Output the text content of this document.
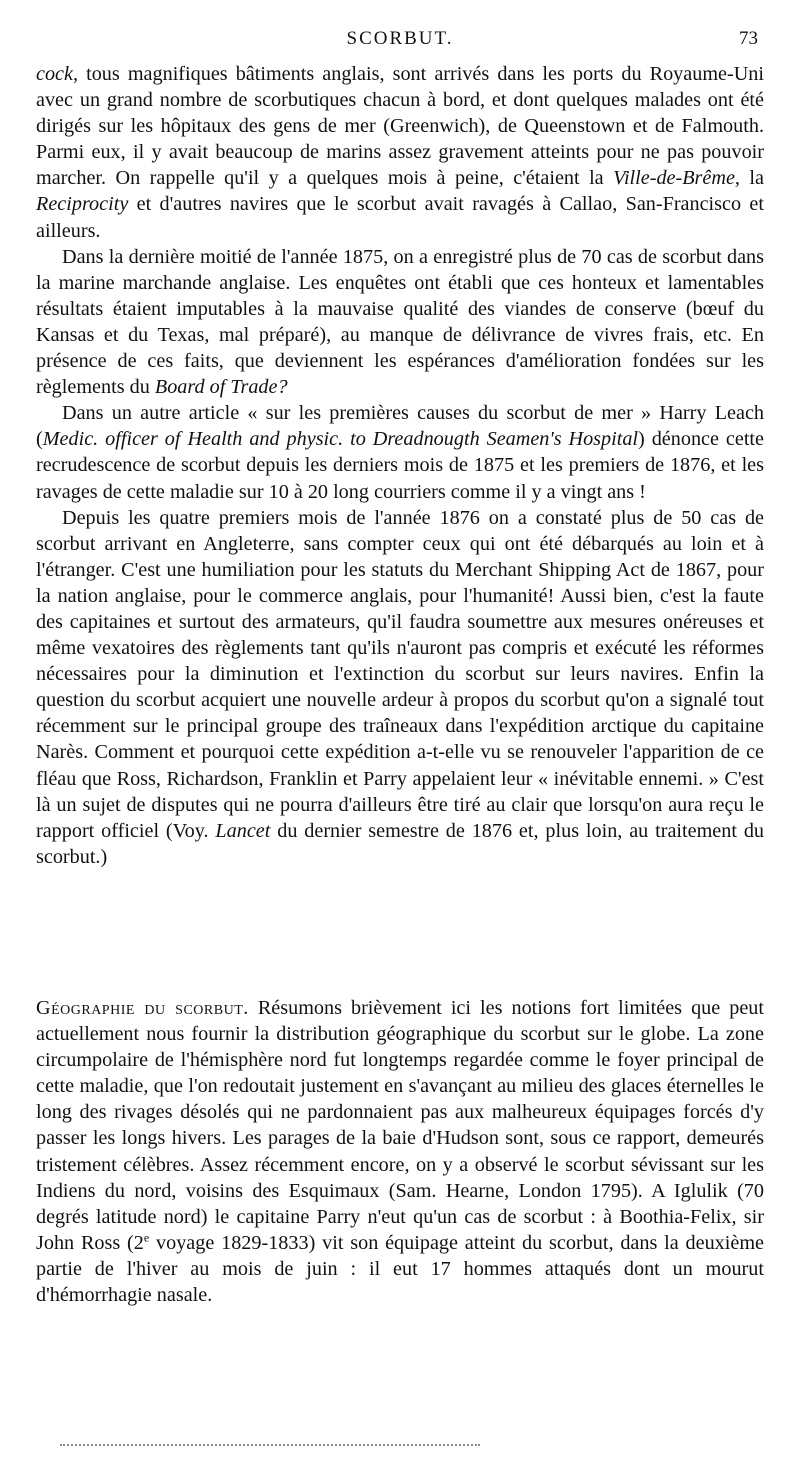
SCORBUT.	73

cock, tous magnifiques bâtiments anglais, sont arrivés dans les ports du Royaume-Uni avec un grand nombre de scorbutiques chacun à bord, et dont quelques malades ont été dirigés sur les hôpitaux des gens de mer (Greenwich), de Queenstown et de Falmouth. Parmi eux, il y avait beaucoup de marins assez gravement atteints pour ne pas pouvoir marcher. On rappelle qu'il y a quelques mois à peine, c'étaient la Ville-de-Brême, la Reciprocity et d'autres navires que le scorbut avait ravagés à Callao, San-Francisco et ailleurs.

Dans la dernière moitié de l'année 1875, on a enregistré plus de 70 cas de scorbut dans la marine marchande anglaise. Les enquêtes ont établi que ces honteux et lamentables résultats étaient imputables à la mauvaise qualité des viandes de conserve (bœuf du Kansas et du Texas, mal préparé), au manque de délivrance de vivres frais, etc. En présence de ces faits, que deviennent les espérances d'amélioration fondées sur les règlements du Board of Trade?

Dans un autre article « sur les premières causes du scorbut de mer » Harry Leach (Medic. officer of Health and physic. to Dreadnougth Seamen's Hospital) dénonce cette recrudescence de scorbut depuis les derniers mois de 1875 et les premiers de 1876, et les ravages de cette maladie sur 10 à 20 long courriers comme il y a vingt ans !

Depuis les quatre premiers mois de l'année 1876 on a constaté plus de 50 cas de scorbut arrivant en Angleterre, sans compter ceux qui ont été débarqués au loin et à l'étranger. C'est une humiliation pour les statuts du Merchant Shipping Act de 1867, pour la nation anglaise, pour le commerce anglais, pour l'humanité! Aussi bien, c'est la faute des capitaines et surtout des armateurs, qu'il faudra soumettre aux mesures onéreuses et même vexatoires des règlements tant qu'ils n'auront pas compris et exécuté les réformes nécessaires pour la diminution et l'extinction du scorbut sur leurs navires. Enfin la question du scorbut acquiert une nouvelle ardeur à propos du scorbut qu'on a signalé tout récemment sur le principal groupe des traîneaux dans l'expédition arctique du capitaine Narès. Comment et pourquoi cette expédition a-t-elle vu se renouveler l'apparition de ce fléau que Ross, Richardson, Franklin et Parry appelaient leur « inévitable ennemi. » C'est là un sujet de disputes qui ne pourra d'ailleurs être tiré au clair que lorsqu'on aura reçu le rapport officiel (Voy. Lancet du dernier semestre de 1876 et, plus loin, au traitement du scorbut.)

Géographie du scorbut. Résumons brièvement ici les notions fort limitées que peut actuellement nous fournir la distribution géographique du scorbut sur le globe. La zone circumpolaire de l'hémisphère nord fut longtemps regardée comme le foyer principal de cette maladie, que l'on redoutait justement en s'avançant au milieu des glaces éternelles le long des rivages désolés qui ne pardonnaient pas aux malheureux équipages forcés d'y passer les longs hivers. Les parages de la baie d'Hudson sont, sous ce rapport, demeurés tristement célèbres. Assez récemment encore, on y a observé le scorbut sévissant sur les Indiens du nord, voisins des Esquimaux (Sam. Hearne, London 1795). A Iglulik (70 degrés latitude nord) le capitaine Parry n'eut qu'un cas de scorbut : à Boothia-Felix, sir John Ross (2e voyage 1829-1833) vit son équipage atteint du scorbut, dans la deuxième partie de l'hiver au mois de juin : il eut 17 hommes attaqués dont un mourut d'hémorrhagie nasale.
